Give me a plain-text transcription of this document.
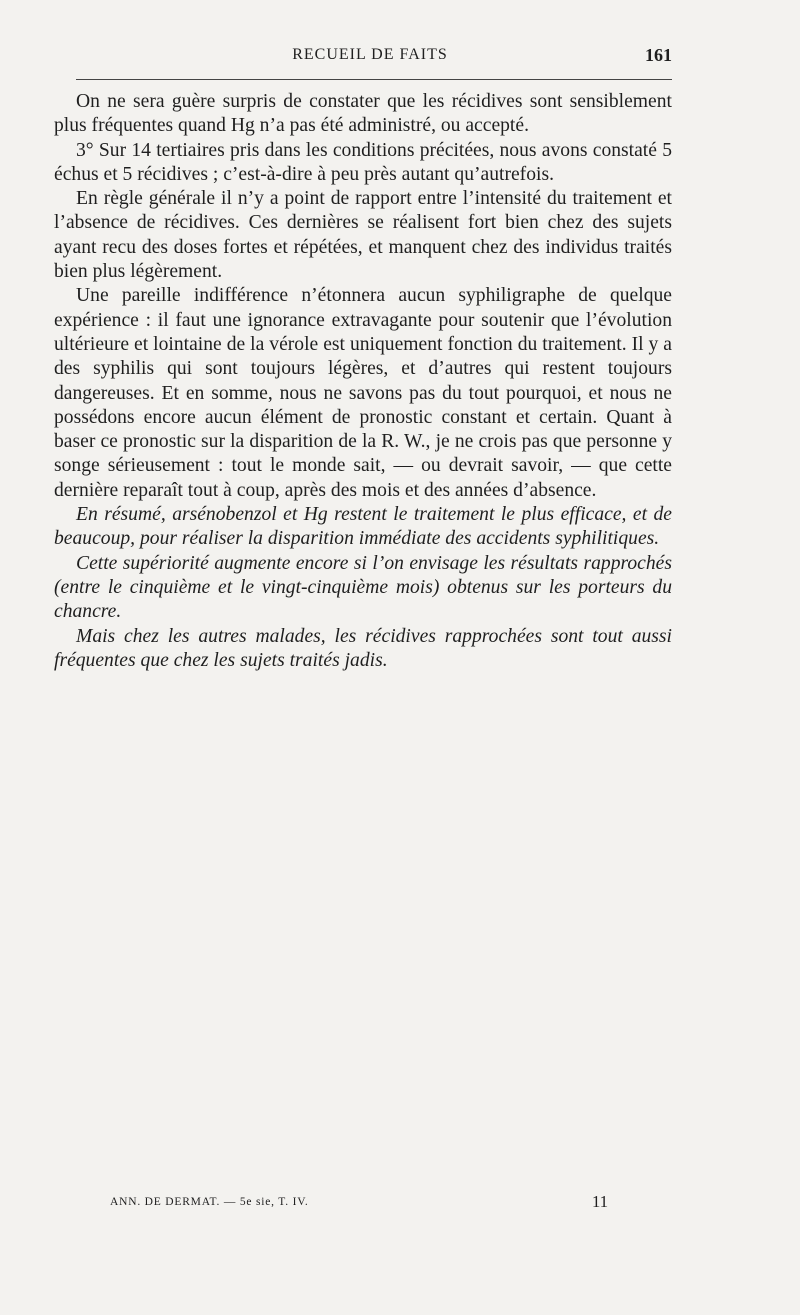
RECUEIL DE FAITS	161

On ne sera guère surpris de constater que les récidives sont sensiblement plus fréquentes quand Hg n’a pas été administré, ou accepté.

3° Sur 14 tertiaires pris dans les conditions précitées, nous avons constaté 5 échus et 5 récidives ; c’est-à-dire à peu près autant qu’autrefois.

En règle générale il n’y a point de rapport entre l’intensité du traitement et l’absence de récidives. Ces dernières se réalisent fort bien chez des sujets ayant recu des doses fortes et répétées, et manquent chez des individus traités bien plus légèrement.

Une pareille indifférence n’étonnera aucun syphiligraphe de quelque expérience : il faut une ignorance extravagante pour soutenir que l’évolution ultérieure et lointaine de la vérole est uniquement fonction du traitement. Il y a des syphilis qui sont toujours légères, et d’autres qui restent toujours dangereuses. Et en somme, nous ne savons pas du tout pourquoi, et nous ne possédons encore aucun élément de pronostic constant et certain. Quant à baser ce pronostic sur la disparition de la R. W., je ne crois pas que personne y songe sérieusement : tout le monde sait, — ou devrait savoir, — que cette dernière reparaît tout à coup, après des mois et des années d’absence.

En résumé, arsénobenzol et Hg restent le traitement le plus efficace, et de beaucoup, pour réaliser la disparition immédiate des accidents syphilitiques.

Cette supériorité augmente encore si l’on envisage les résultats rapprochés (entre le cinquième et le vingt-cinquième mois) obtenus sur les porteurs du chancre.

Mais chez les autres malades, les récidives rapprochées sont tout aussi fréquentes que chez les sujets traités jadis.

ANN. DE DERMAT. — 5e sie, T. IV.	11
